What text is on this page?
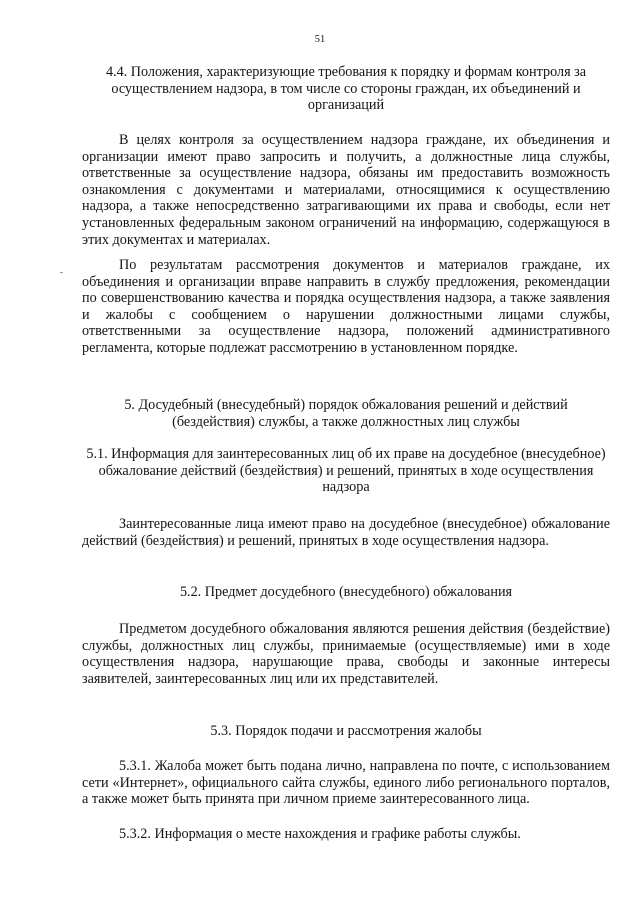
51
4.4. Положения, характеризующие требования к порядку и формам контроля за осуществлением надзора, в том числе со стороны граждан, их объединений и организаций
В целях контроля за осуществлением надзора граждане, их объединения и организации имеют право запросить и получить, а должностные лица службы, ответственные за осуществление надзора, обязаны им предоставить возможность ознакомления с документами и материалами, относящимися к осуществлению надзора, а также непосредственно затрагивающими их права и свободы, если нет установленных федеральным законом ограничений на информацию, содержащуюся в этих документах и материалах.
По результатам рассмотрения документов и материалов граждане, их объединения и организации вправе направить в службу предложения, рекомендации по совершенствованию качества и порядка осуществления надзора, а также заявления и жалобы с сообщением о нарушении должностными лицами службы, ответственными за осуществление надзора, положений административного регламента, которые подлежат рассмотрению в установленном порядке.
5. Досудебный (внесудебный) порядок обжалования решений и действий (бездействия) службы, а также должностных лиц службы
5.1. Информация для заинтересованных лиц об их праве на досудебное (внесудебное) обжалование действий (бездействия) и решений, принятых в ходе осуществления надзора
Заинтересованные лица имеют право на досудебное (внесудебное) обжалование действий (бездействия) и решений, принятых в ходе осуществления надзора.
5.2. Предмет досудебного (внесудебного) обжалования
Предметом досудебного обжалования являются решения действия (бездействие) службы, должностных лиц службы, принимаемые (осуществляемые) ими в ходе осуществления надзора, нарушающие права, свободы и законные интересы заявителей, заинтересованных лиц или их представителей.
5.3. Порядок подачи и рассмотрения жалобы
5.3.1. Жалоба может быть подана лично, направлена по почте, с использованием сети «Интернет», официального сайта службы, единого либо регионального порталов, а также может быть принята при личном приеме заинтересованного лица.
5.3.2. Информация о месте нахождения и графике работы службы.
